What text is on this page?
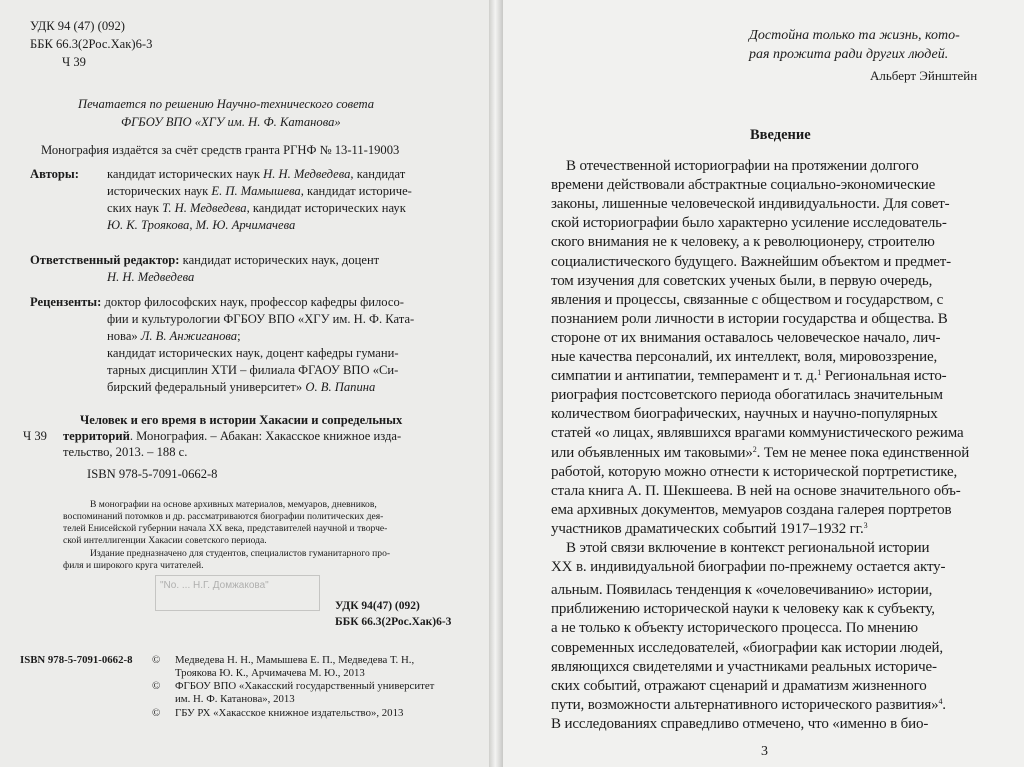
УДК 94 (47) (092)
ББК 66.3(2Рос.Хак)6-3
Ч 39
Печатается по решению Научно-технического совета
ФГБОУ ВПО «ХГУ им. Н. Ф. Катанова»
Монография издаётся за счёт средств гранта РГНФ № 13-11-19003
Авторы: кандидат исторических наук Н. Н. Медведева, кандидат
исторических наук Е. П. Мамышева, кандидат историче-
ских наук Т. Н. Медведева, кандидат исторических наук
Ю. К. Троякова, М. Ю. Арчимачева
Ответственный редактор: кандидат исторических наук, доцент
Н. Н. Медведева
Рецензенты: доктор философских наук, профессор кафедры филосо-
фии и культурологии ФГБОУ ВПО «ХГУ им. Н. Ф. Ката-
нова» Л. В. Анжиганова;
кандидат исторических наук, доцент кафедры гумани-
тарных дисциплин ХТИ – филиала ФГАОУ ВПО «Си-
бирский федеральный университет» О. В. Папина
Человек и его время в истории Хакасии и сопредельных
Ч 39 территорий. Монография. – Абакан: Хакасское книжное изда-
тельство, 2013. – 188 с.
ISBN 978-5-7091-0662-8
В монографии на основе архивных материалов, мемуаров, дневников,
воспоминаний потомков и др. рассматриваются биографии политических дея-
телей Енисейской губернии начала XX века, представителей научной и творче-
ской интеллигенции Хакасии советского периода.
Издание предназначено для студентов, специалистов гуманитарного про-
филя и широкого круга читателей.
"No. ... Н.Г. Домжакова"
УДК 94(47) (092)
ББК 66.3(2Рос.Хак)6-3
ISBN 978-5-7091-0662-8 © Медведева Н. Н., Мамышева Е. П., Медведева Т. Н.,
Троякова Ю. К., Арчимачева М. Ю., 2013
© ФГБОУ ВПО «Хакасский государственный университет
им. Н. Ф. Катанова», 2013
© ГБУ РХ «Хакасское книжное издательство», 2013
Достойна только та жизнь, кото-
рая прожита ради других людей.
Альберт Эйнштейн
Введение
В отечественной историографии на протяжении долгого
времени действовали абстрактные социально-экономические
законы, лишенные человеческой индивидуальности. Для совет-
ской историографии было характерно усиление исследователь-
ского внимания не к человеку, а к революционеру, строителю
социалистического будущего. Важнейшим объектом и предмет-
том изучения для советских ученых были, в первую очередь,
явления и процессы, связанные с обществом и государством, с
познанием роли личности в истории государства и общества. В
стороне от их внимания оставалось человеческое начало, лич-
ные качества персоналий, их интеллект, воля, мировоззрение,
симпатии и антипатии, темперамент и т. д.$^1$ Региональная исто-
риография постсоветского периода обогатилась значительным
количеством биографических, научных и научно-популярных
статей «о лицах, являвшихся врагами коммунистического режима
или объявленных им таковыми»$^2$. Тем не менее пока единственной
работой, которую можно отнести к исторической портретистике,
стала книга А. П. Шекшеева. В ней на основе значительного объ-
ема архивных документов, мемуаров создана галерея портретов
участников драматических событий 1917–1932 гг.$^3$
В этой связи включение в контекст региональной истории
XX в. индивидуальной биографии по-прежнему остается акту-
альным. Появилась тенденция к «очеловечиванию» истории,
приближению исторической науки к человеку как к субъекту,
а не только к объекту исторического процесса. По мнению
современных исследователей, «биографии как истории людей,
являющихся свидетелями и участниками реальных историче-
ских событий, отражают сценарий и драматизм жизненного
пути, возможности альтернативного исторического развития»$^4$.
В исследованиях справедливо отмечено, что «именно в био-
3
